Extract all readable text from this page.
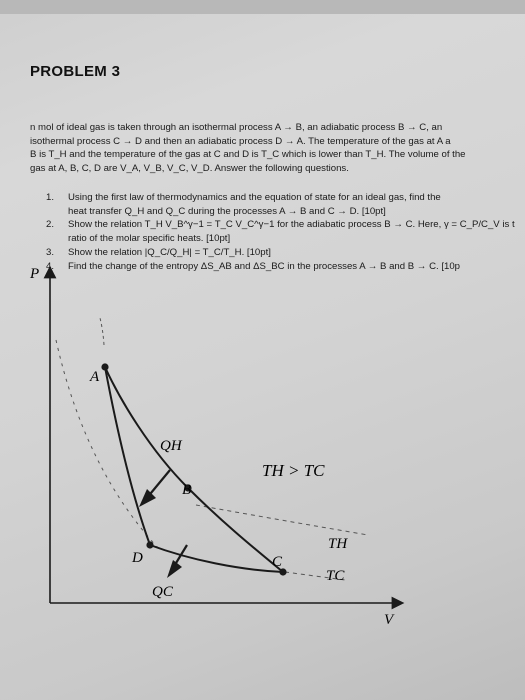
PROBLEM 3
n mol of ideal gas is taken through an isothermal process A → B, an adiabatic process B → C, an
isothermal process C → D and then an adiabatic process D → A. The temperature of the gas at A a
B is T_H and the temperature of the gas at C and D is T_C which is lower than T_H. The volume of the
gas at A, B, C, D are V_A, V_B, V_C, V_D. Answer the following questions.
1. Using the first law of thermodynamics and the equation of state for an ideal gas, find the
heat transfer Q_H and Q_C during the processes A → B and C → D. [10pt]
2. Show the relation T_H V_B^γ−1 = T_C V_C^γ−1 for the adiabatic process B → C. Here, γ = C_P/C_V is t
ratio of the molar specific heats. [10pt]
3. Show the relation |Q_C/Q_H| = T_C/T_H. [10pt]
4. Find the change of the entropy ΔS_AB and ΔS_BC in the processes A → B and B → C. [10p
P
V
A
B
C
D
QH
QC
TH > TC
TH
TC
